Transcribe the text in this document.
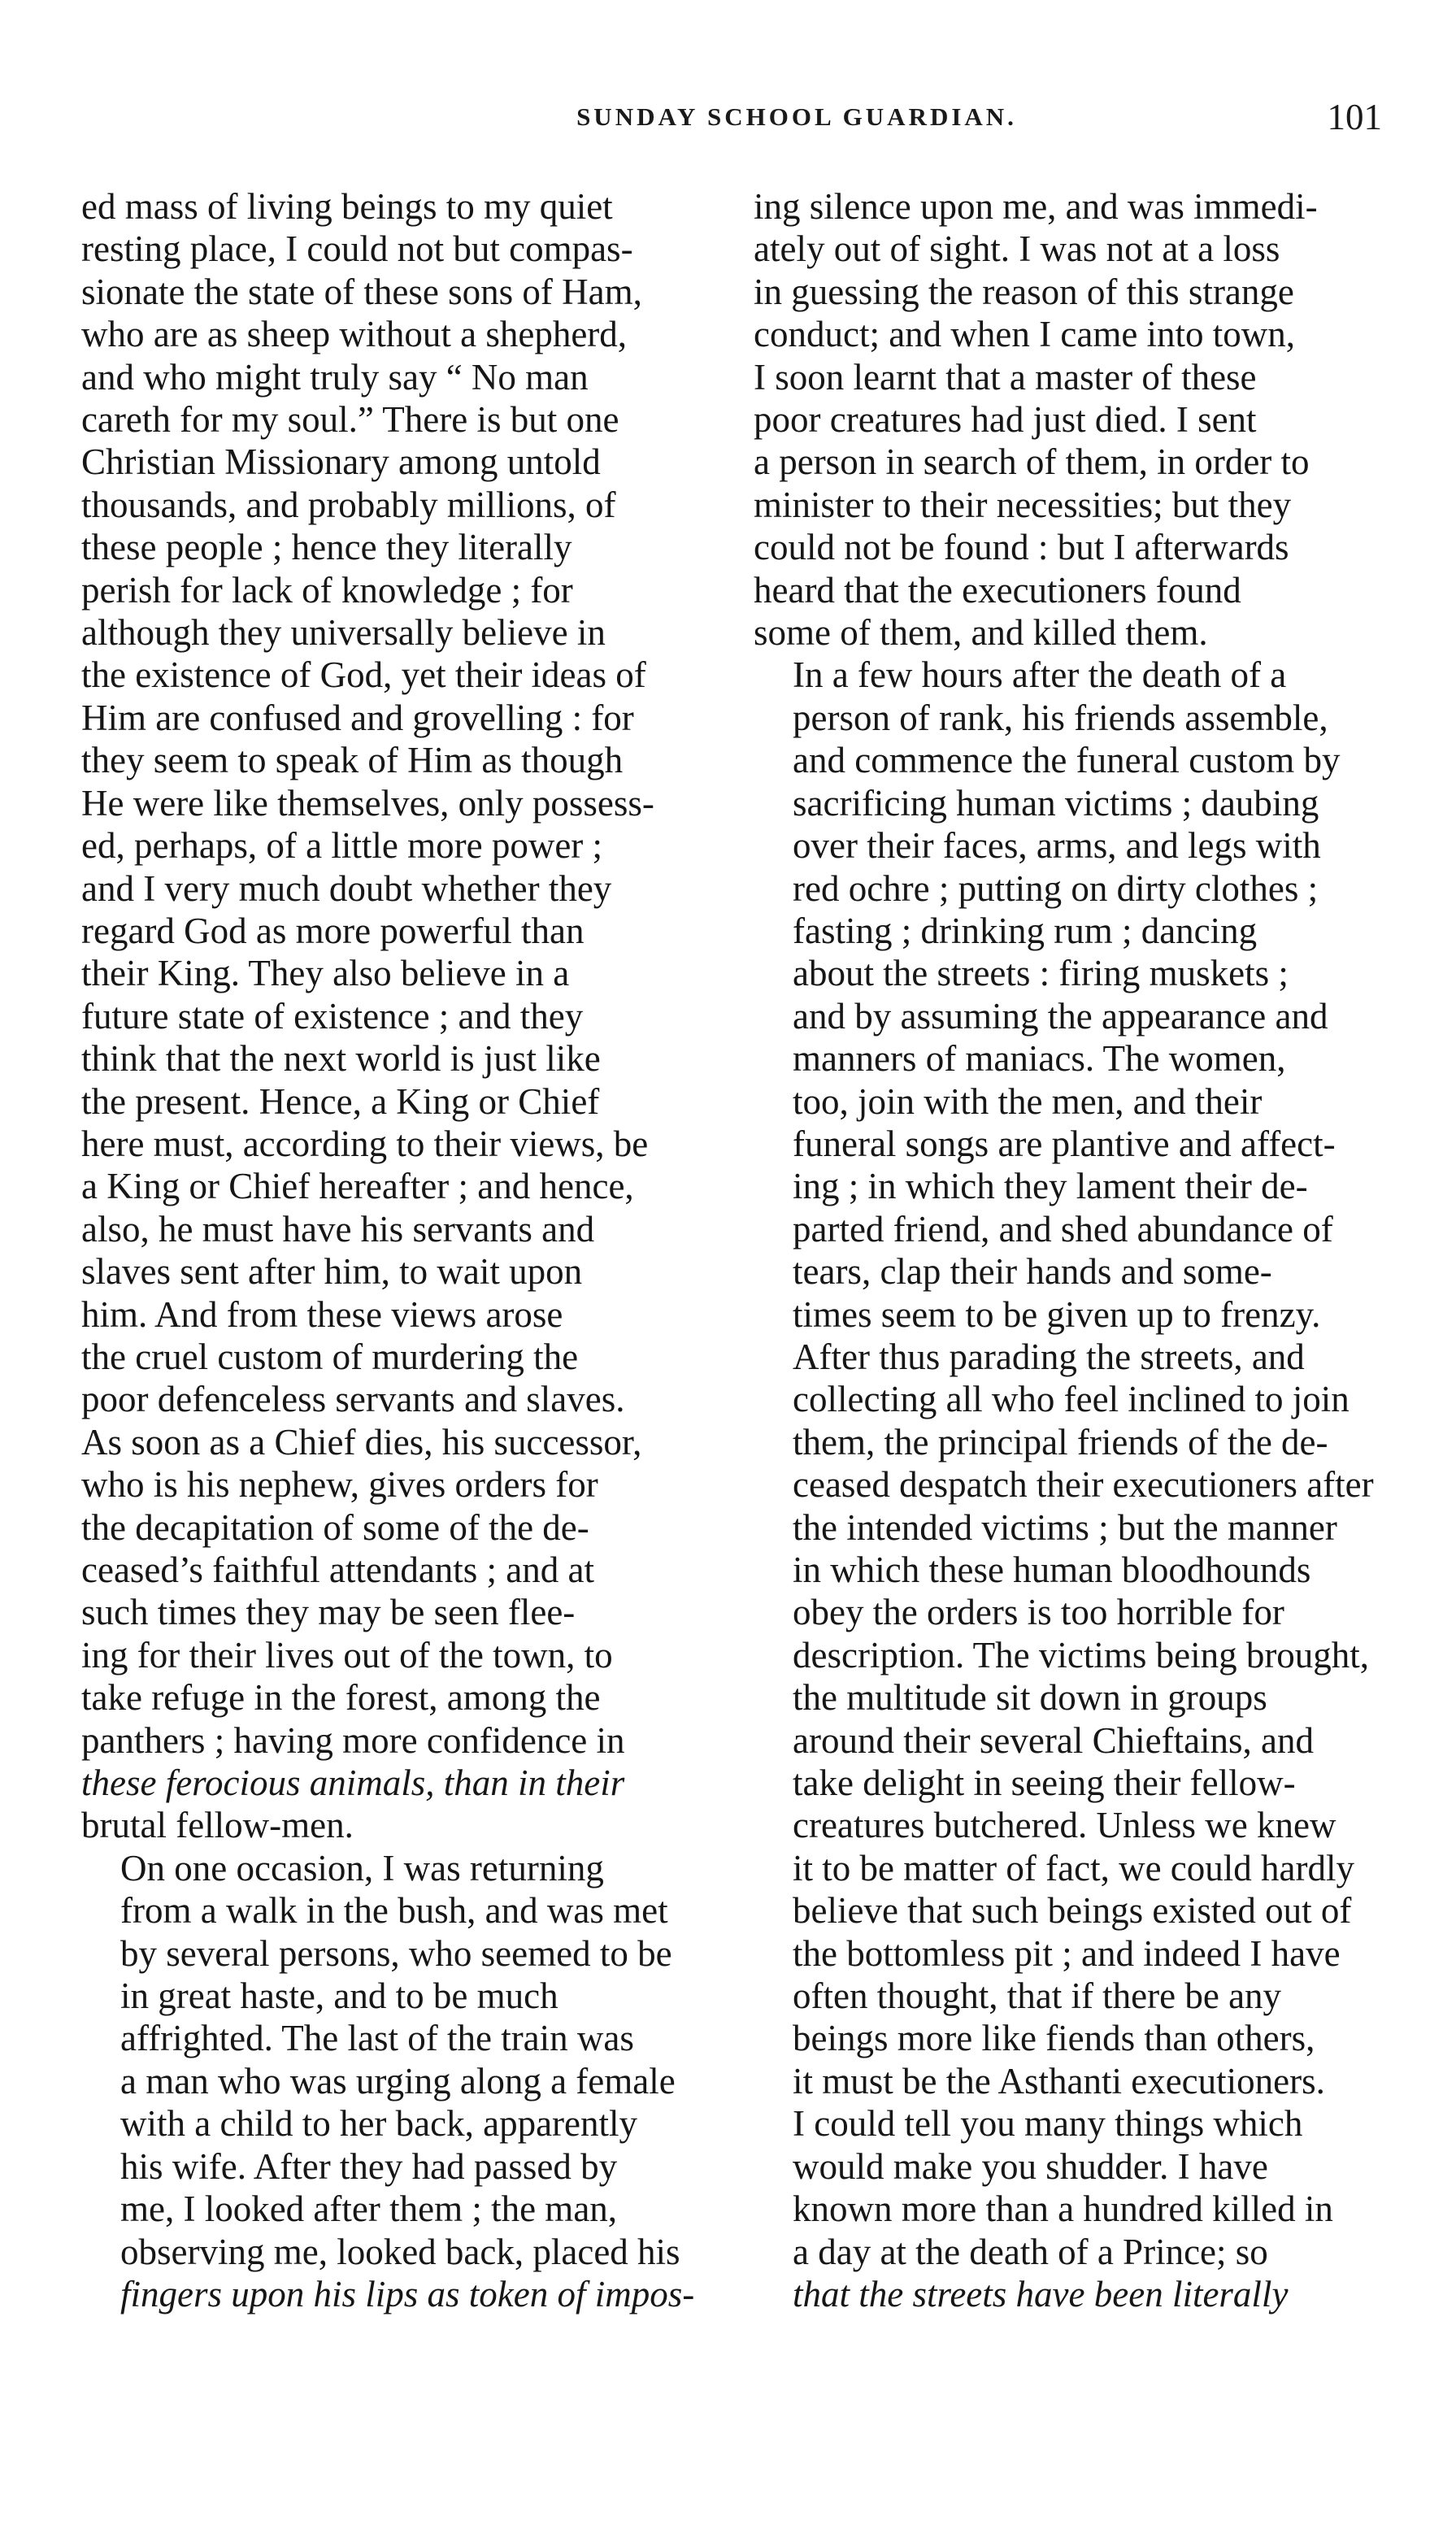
SUNDAY SCHOOL GUARDIAN.	101

ed mass of living beings to my quiet
resting place, I could not but compas-
sionate the state of these sons of Ham,
who are as sheep without a shepherd,
and who might truly say “ No man
careth for my soul.” There is but one
Christian Missionary among untold
thousands, and probably millions, of
these people ; hence they literally
perish for lack of knowledge ; for
although they universally believe in
the existence of God, yet their ideas of
Him are confused and grovelling : for
they seem to speak of Him as though
He were like themselves, only possess-
ed, perhaps, of a little more power ;
and I very much doubt whether they
regard God as more powerful than
their King. They also believe in a
future state of existence ; and they
think that the next world is just like
the present. Hence, a King or Chief
here must, according to their views, be
a King or Chief hereafter ; and hence,
also, he must have his servants and
slaves sent after him, to wait upon
him. And from these views arose
the cruel custom of murdering the
poor defenceless servants and slaves.
As soon as a Chief dies, his successor,
who is his nephew, gives orders for
the decapitation of some of the de-
ceased’s faithful attendants ; and at
such times they may be seen flee-
ing for their lives out of the town, to
take refuge in the forest, among the
panthers ; having more confidence in
these ferocious animals, than in their
brutal fellow-men.

On one occasion, I was returning
from a walk in the bush, and was met
by several persons, who seemed to be
in great haste, and to be much
affrighted. The last of the train was
a man who was urging along a female
with a child to her back, apparently
his wife. After they had passed by
me, I looked after them ; the man,
observing me, looked back, placed his
fingers upon his lips as token of impos-

ing silence upon me, and was immedi-
ately out of sight. I was not at a loss
in guessing the reason of this strange
conduct; and when I came into town,
I soon learnt that a master of these
poor creatures had just died. I sent
a person in search of them, in order to
minister to their necessities; but they
could not be found : but I afterwards
heard that the executioners found
some of them, and killed them.

In a few hours after the death of a
person of rank, his friends assemble,
and commence the funeral custom by
sacrificing human victims ; daubing
over their faces, arms, and legs with
red ochre ; putting on dirty clothes ;
fasting ; drinking rum ; dancing
about the streets : firing muskets ;
and by assuming the appearance and
manners of maniacs. The women,
too, join with the men, and their
funeral songs are plantive and affect-
ing ; in which they lament their de-
parted friend, and shed abundance of
tears, clap their hands and some-
times seem to be given up to frenzy.

After thus parading the streets, and
collecting all who feel inclined to join
them, the principal friends of the de-
ceased despatch their executioners after
the intended victims ; but the manner
in which these human bloodhounds
obey the orders is too horrible for
description. The victims being brought,
the multitude sit down in groups
around their several Chieftains, and
take delight in seeing their fellow-
creatures butchered. Unless we knew
it to be matter of fact, we could hardly
believe that such beings existed out of
the bottomless pit ; and indeed I have
often thought, that if there be any
beings more like fiends than others,
it must be the Asthanti executioners.
I could tell you many things which
would make you shudder. I have
known more than a hundred killed in
a day at the death of a Prince; so
that the streets have been literally
